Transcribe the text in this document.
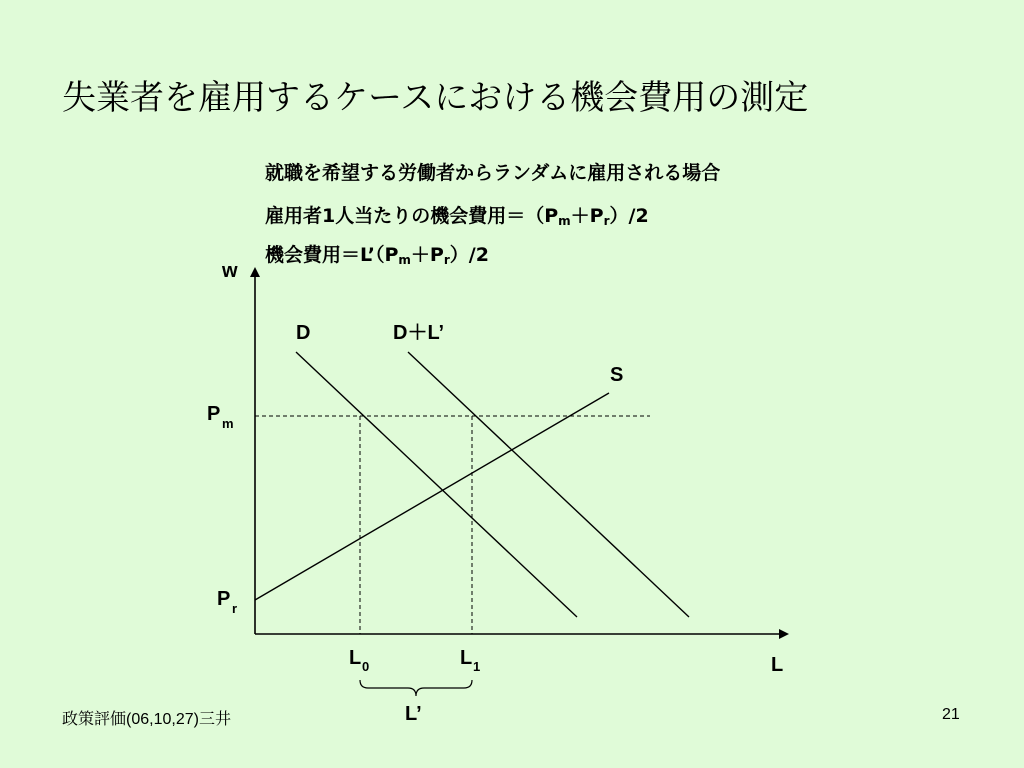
失業者を雇用するケースにおける機会費用の測定
就職を希望する労働者からランダムに雇用される場合
雇用者1人当たりの機会費用$=(P_m+P_r)/2$
機会費用$=L’(P_m+P_r)/2$
w
L
D	D＋L’
S
P m
P r
L 0	L 1
L’
政策評価(06,10,27)三井	21
